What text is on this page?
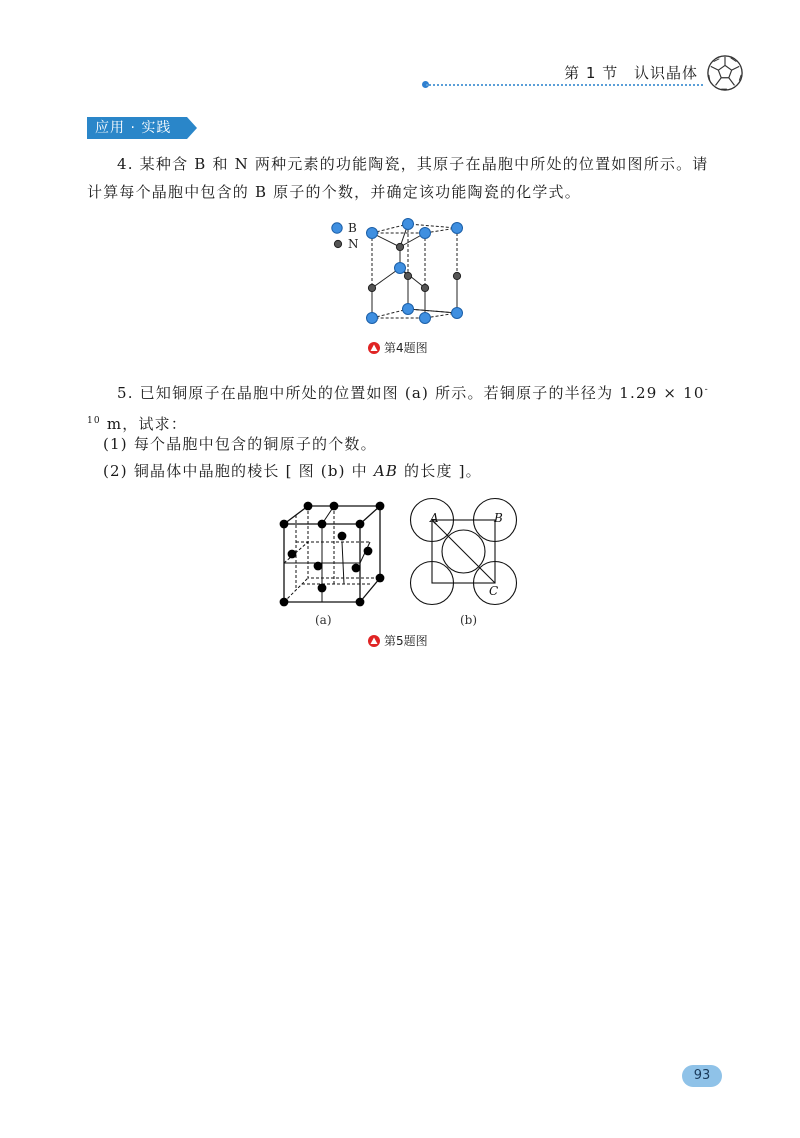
第 1 节 认识晶体
应用 · 实践
4. 某种含 B 和 N 两种元素的功能陶瓷，其原子在晶胞中所处的位置如图所示。请计算每个晶胞中包含的 B 原子的个数，并确定该功能陶瓷的化学式。
B
N
第4题图
5. 已知铜原子在晶胞中所处的位置如图 (a) 所示。若铜原子的半径为 $1.29 \times 10^{-10}$ m，试求：
(1) 每个晶胞中包含的铜原子的个数。
(2) 铜晶体中晶胞的棱长 [ 图 (b) 中 AB 的长度 ]。
(a)
A	B
C
(b)
第5题图
93
